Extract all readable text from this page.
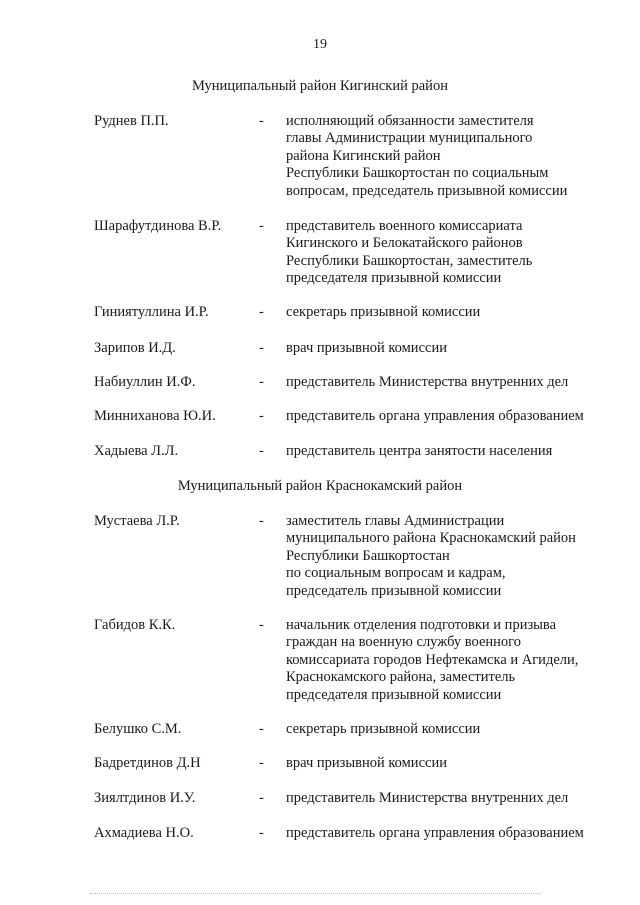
19
Муниципальный район Кигинский район
Руднев П.П.	- исполняющий обязанности заместителя
главы Администрации муниципального
района Кигинский район
Республики Башкортостан по социальным
вопросам, председатель призывной комиссии
Шарафутдинова В.Р.	- представитель военного комиссариата
Кигинского и Белокатайского районов
Республики Башкортостан, заместитель
председателя призывной комиссии
Гиниятуллина И.Р.	- секретарь призывной комиссии
Зарипов И.Д.	- врач призывной комиссии
Набиуллин И.Ф.	- представитель Министерства внутренних дел
Минниханова Ю.И.	- представитель органа управления образованием
Хадыева Л.Л.	- представитель центра занятости населения
Муниципальный район Краснокамский район
Мустаева Л.Р.	- заместитель главы Администрации
муниципального района Краснокамский район
Республики Башкортостан
по социальным вопросам и кадрам,
председатель призывной комиссии
Габидов К.К.	- начальник отделения подготовки и призыва
граждан на военную службу военного
комиссариата городов Нефтекамска и Агидели,
Краснокамского района, заместитель
председателя призывной комиссии
Белушко С.М.	- секретарь призывной комиссии
Бадретдинов Д.Н	- врач призывной комиссии
Зиялтдинов И.У.	- представитель Министерства внутренних дел
Ахмадиева Н.О.	- представитель органа управления образованием
